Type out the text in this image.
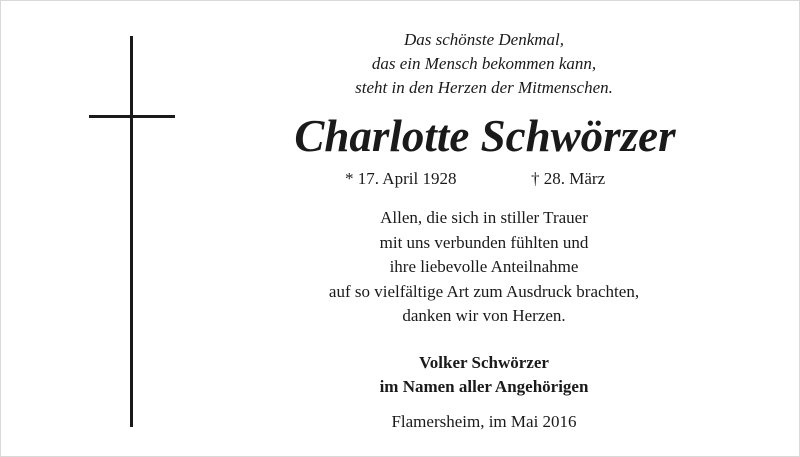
Das schönste Denkmal,
das ein Mensch bekommen kann,
steht in den Herzen der Mitmenschen.
Charlotte Schwörzer
* 17. April 1928	† 28. März
Allen, die sich in stiller Trauer
mit uns verbunden fühlten und
ihre liebevolle Anteilnahme
auf so vielfältige Art zum Ausdruck brachten,
danken wir von Herzen.
Volker Schwörzer
im Namen aller Angehörigen
Flamersheim, im Mai 2016
